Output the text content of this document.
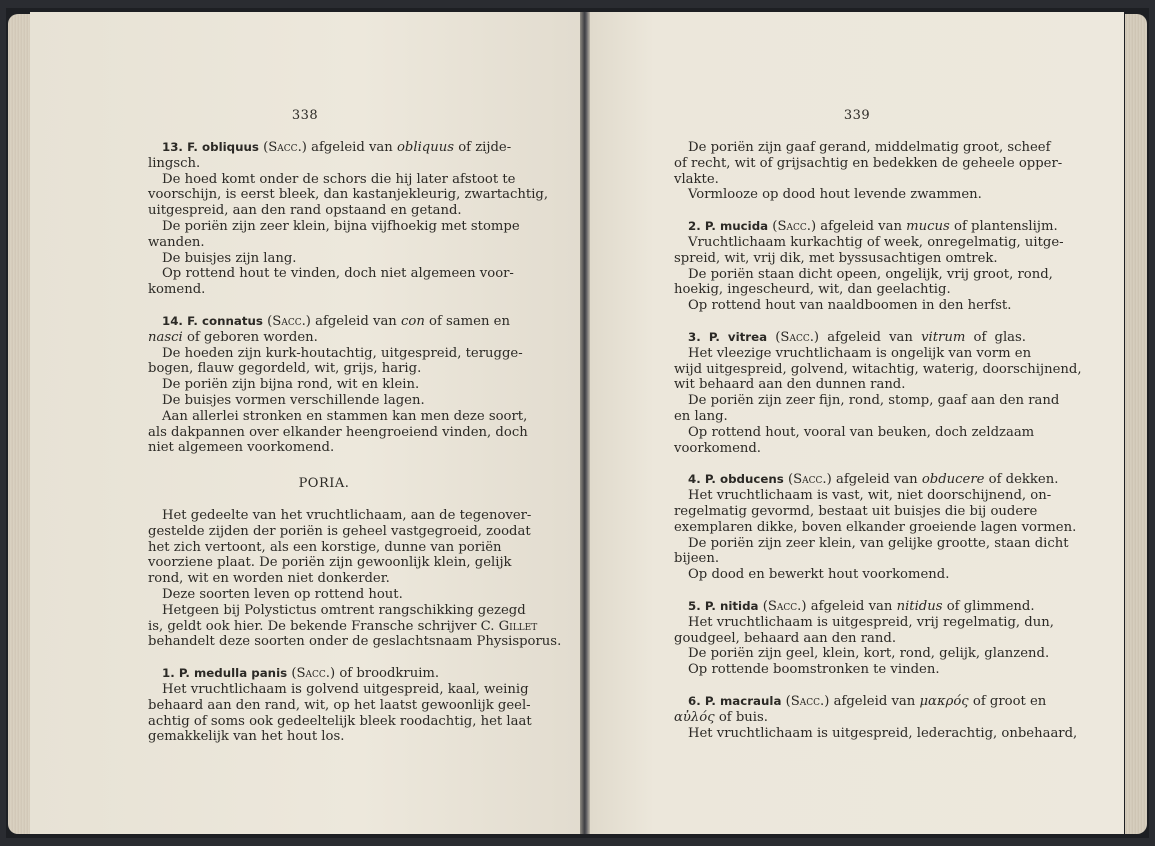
338
13. F. obliquus (Sacc.) afgeleid van obliquus of zijde-
lingsch.
De hoed komt onder de schors die hij later afstoot te
voorschijn, is eerst bleek, dan kastanjekleurig, zwartachtig,
uitgespreid, aan den rand opstaand en getand.
De poriën zijn zeer klein, bijna vijfhoekig met stompe
wanden.
De buisjes zijn lang.
Op rottend hout te vinden, doch niet algemeen voor-
komend.
14. F. connatus (Sacc.) afgeleid van con of samen en
nasci of geboren worden.
De hoeden zijn kurk-houtachtig, uitgespreid, terugge-
bogen, flauw gegordeld, wit, grijs, harig.
De poriën zijn bijna rond, wit en klein.
De buisjes vormen verschillende lagen.
Aan allerlei stronken en stammen kan men deze soort,
als dakpannen over elkander heengroeiend vinden, doch
niet algemeen voorkomend.
PORIA.
Het gedeelte van het vruchtlichaam, aan de tegenover-
gestelde zijden der poriën is geheel vastgegroeid, zoodat
het zich vertoont, als een korstige, dunne van poriën
voorziene plaat. De poriën zijn gewoonlijk klein, gelijk
rond, wit en worden niet donkerder.
Deze soorten leven op rottend hout.
Hetgeen bij Polystictus omtrent rangschikking gezegd
is, geldt ook hier. De bekende Fransche schrijver C. Gillet
behandelt deze soorten onder de geslachtsnaam Physisporus.
1. P. medulla panis (Sacc.) of broodkruim.
Het vruchtlichaam is golvend uitgespreid, kaal, weinig
behaard aan den rand, wit, op het laatst gewoonlijk geel-
achtig of soms ook gedeeltelijk bleek roodachtig, het laat
gemakkelijk van het hout los.
339
De poriën zijn gaaf gerand, middelmatig groot, scheef
of recht, wit of grijsachtig en bedekken de geheele opper-
vlakte.
Vormlooze op dood hout levende zwammen.
2. P. mucida (Sacc.) afgeleid van mucus of plantenslijm.
Vruchtlichaam kurkachtig of week, onregelmatig, uitge-
spreid, wit, vrij dik, met byssusachtigen omtrek.
De poriën staan dicht opeen, ongelijk, vrij groot, rond,
hoekig, ingescheurd, wit, dan geelachtig.
Op rottend hout van naaldboomen in den herfst.
3. P. vitrea (Sacc.) afgeleid van vitrum of glas.
Het vleezige vruchtlichaam is ongelijk van vorm en
wijd uitgespreid, golvend, witachtig, waterig, doorschijnend,
wit behaard aan den dunnen rand.
De poriën zijn zeer fijn, rond, stomp, gaaf aan den rand
en lang.
Op rottend hout, vooral van beuken, doch zeldzaam
voorkomend.
4. P. obducens (Sacc.) afgeleid van obducere of dekken.
Het vruchtlichaam is vast, wit, niet doorschijnend, on-
regelmatig gevormd, bestaat uit buisjes die bij oudere
exemplaren dikke, boven elkander groeiende lagen vormen.
De poriën zijn zeer klein, van gelijke grootte, staan dicht
bijeen.
Op dood en bewerkt hout voorkomend.
5. P. nitida (Sacc.) afgeleid van nitidus of glimmend.
Het vruchtlichaam is uitgespreid, vrij regelmatig, dun,
goudgeel, behaard aan den rand.
De poriën zijn geel, klein, kort, rond, gelijk, glanzend.
Op rottende boomstronken te vinden.
6. P. macraula (Sacc.) afgeleid van μακρός of groot en
αὐλός of buis.
Het vruchtlichaam is uitgespreid, lederachtig, onbehaard,
